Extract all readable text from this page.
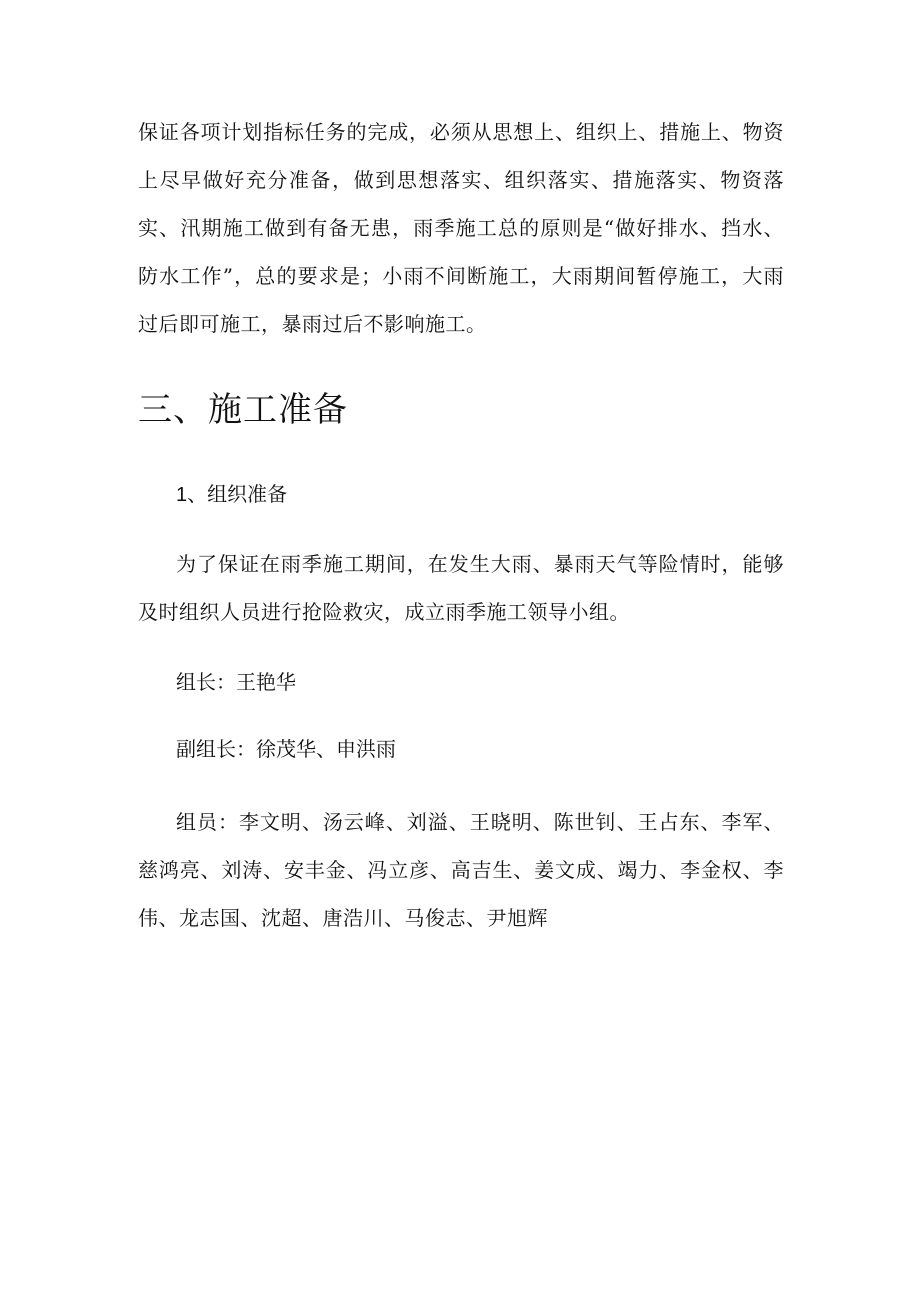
保证各项计划指标任务的完成，必须从思想上、组织上、措施上、物资上尽早做好充分准备，做到思想落实、组织落实、措施落实、物资落实、汛期施工做到有备无患，雨季施工总的原则是“做好排水、挡水、防水工作”，总的要求是；小雨不间断施工，大雨期间暂停施工，大雨过后即可施工，暴雨过后不影响施工。

三、施工准备
1、组织准备

为了保证在雨季施工期间，在发生大雨、暴雨天气等险情时，能够及时组织人员进行抢险救灾，成立雨季施工领导小组。

组长：王艳华

副组长：徐茂华、申洪雨

组员：李文明、汤云峰、刘溢、王晓明、陈世钊、王占东、李军、慈鸿亮、刘涛、安丰金、冯立彦、高吉生、姜文成、竭力、李金权、李伟、龙志国、沈超、唐浩川、马俊志、尹旭辉
